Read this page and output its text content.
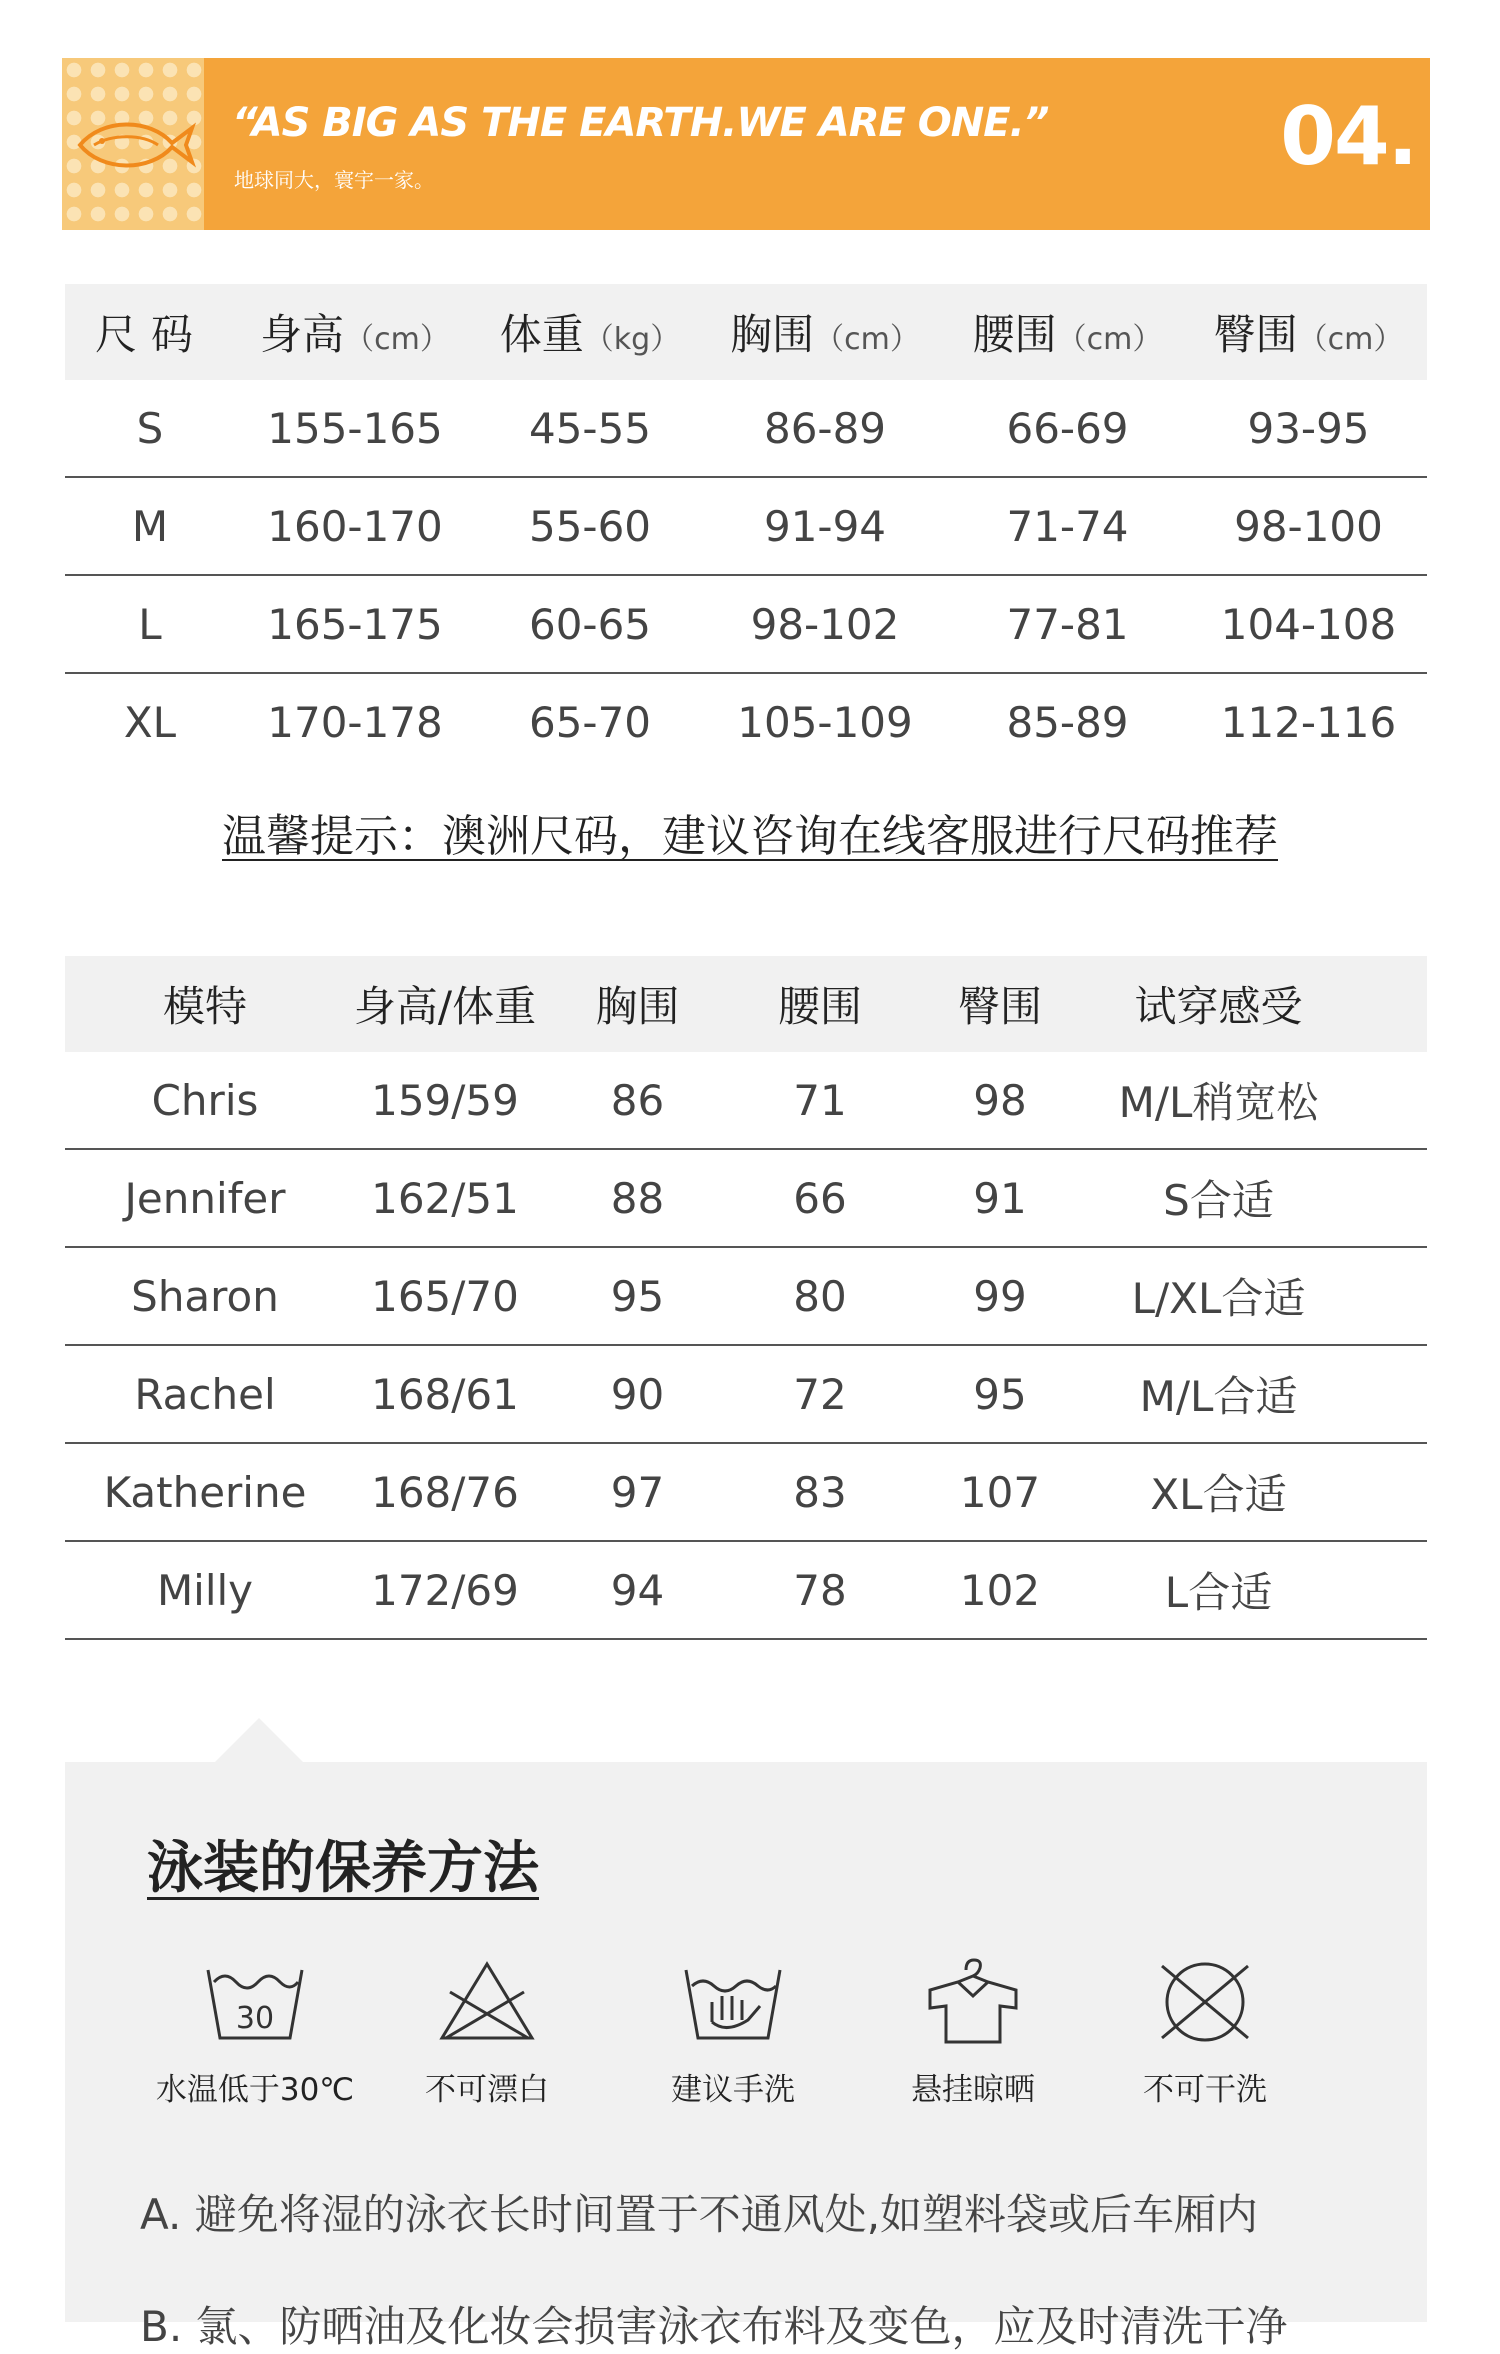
“AS BIG AS THE EARTH.WE ARE ONE.”
地球同大，寰宇一家。	04.
尺码	身高（cm）	体重（kg）	胸围（cm）	腰围（cm）	臀围（cm）
S	155-165	45-55	86-89	66-69	93-95
M	160-170	55-60	91-94	71-74	98-100
L	165-175	60-65	98-102	77-81	104-108
XL	170-178	65-70	105-109	85-89	112-116
温馨提示：澳洲尺码，建议咨询在线客服进行尺码推荐
模特	身高/体重	胸围	腰围	臀围	试穿感受
Chris	159/59	86	71	98	M/L稍宽松
Jennifer	162/51	88	66	91	S合适
Sharon	165/70	95	80	99	L/XL合适
Rachel	168/61	90	72	95	M/L合适
Katherine	168/76	97	83	107	XL合适
Milly	172/69	94	78	102	L合适
泳装的保养方法
30
水温低于30℃	不可漂白	建议手洗	悬挂晾晒	不可干洗
A. 避免将湿的泳衣长时间置于不通风处,如塑料袋或后车厢内
B. 氯、防晒油及化妆会损害泳衣布料及变色，应及时清洗干净
